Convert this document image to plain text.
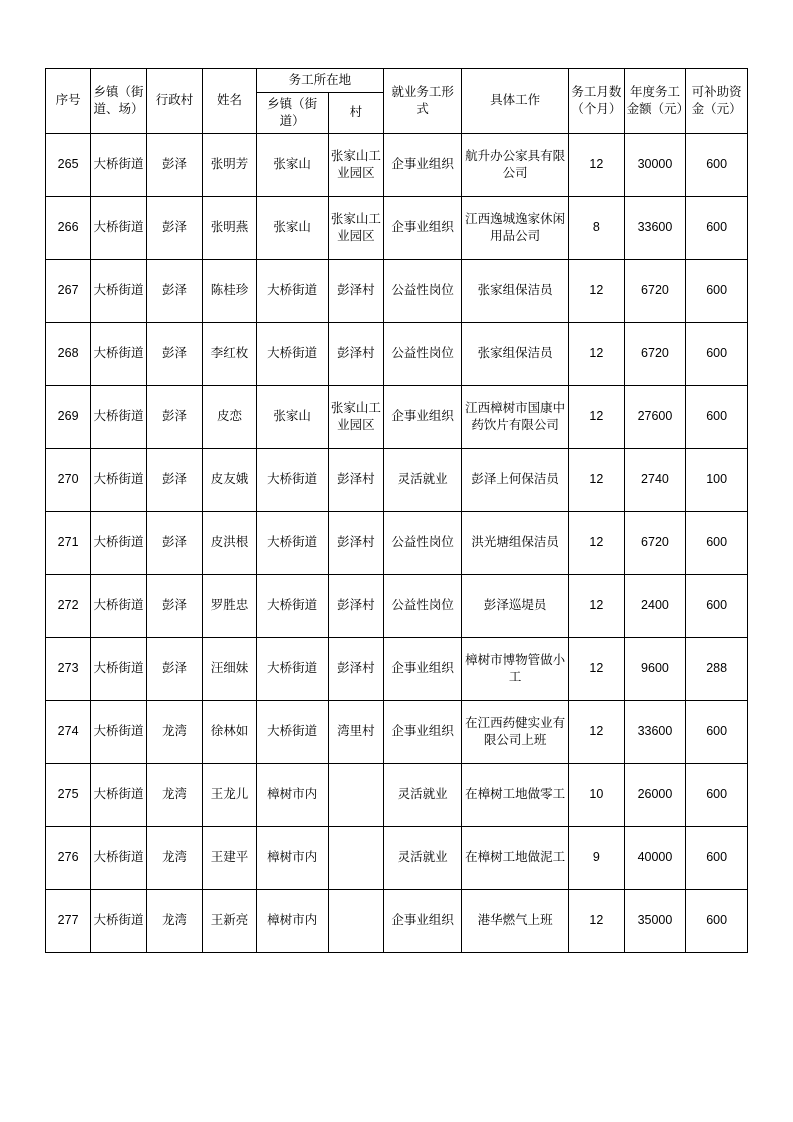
序号	乡镇（街道、场）	行政村	姓名	务工所在地		就业务工形式	具体工作	务工月数（个月）	年度务工金额（元）	可补助资金（元）
				乡镇（街道）	村					
265	大桥街道	彭泽	张明芳	张家山	张家山工业园区	企事业组织	航升办公家具有限公司	12	30000	600
266	大桥街道	彭泽	张明燕	张家山	张家山工业园区	企事业组织	江西逸城逸家休闲用品公司	8	33600	600
267	大桥街道	彭泽	陈桂珍	大桥街道	彭泽村	公益性岗位	张家组保洁员	12	6720	600
268	大桥街道	彭泽	李红枚	大桥街道	彭泽村	公益性岗位	张家组保洁员	12	6720	600
269	大桥街道	彭泽	皮恋	张家山	张家山工业园区	企事业组织	江西樟树市国康中药饮片有限公司	12	27600	600
270	大桥街道	彭泽	皮友娥	大桥街道	彭泽村	灵活就业	彭泽上何保洁员	12	2740	100
271	大桥街道	彭泽	皮洪根	大桥街道	彭泽村	公益性岗位	洪光塘组保洁员	12	6720	600
272	大桥街道	彭泽	罗胜忠	大桥街道	彭泽村	公益性岗位	彭泽巡堤员	12	2400	600
273	大桥街道	彭泽	汪细妹	大桥街道	彭泽村	企事业组织	樟树市博物管做小工	12	9600	288
274	大桥街道	龙湾	徐林如	大桥街道	湾里村	企事业组织	在江西药健实业有限公司上班	12	33600	600
275	大桥街道	龙湾	王龙儿	樟树市内		灵活就业	在樟树工地做零工	10	26000	600
276	大桥街道	龙湾	王建平	樟树市内		灵活就业	在樟树工地做泥工	9	40000	600
277	大桥街道	龙湾	王新亮	樟树市内		企事业组织	港华燃气上班	12	35000	600
